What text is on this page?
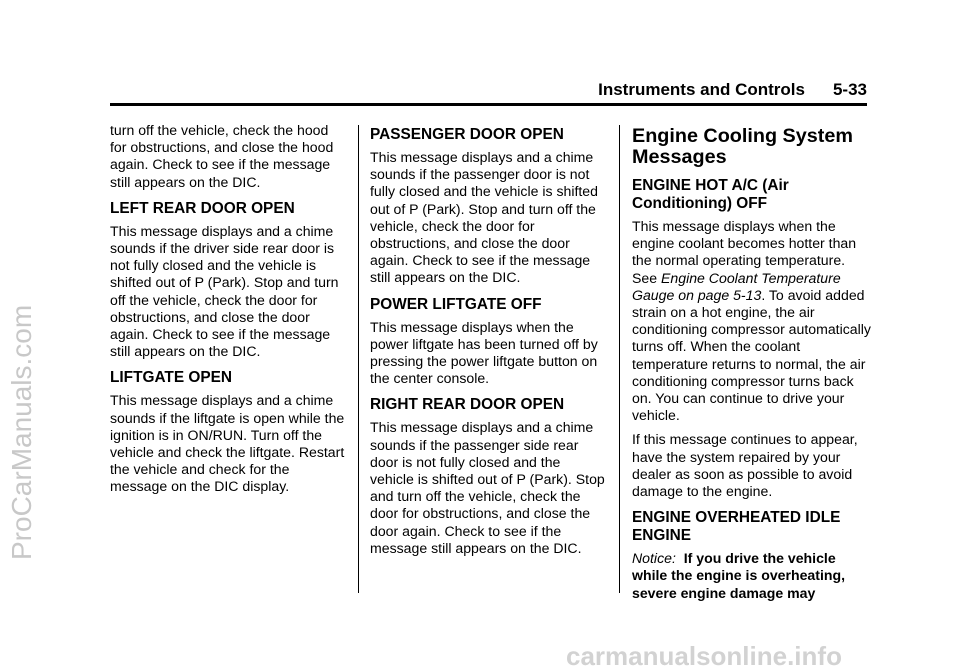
Instruments and Controls 5-33

turn off the vehicle, check the hood for obstructions, and close the hood again. Check to see if the message still appears on the DIC.

LEFT REAR DOOR OPEN

This message displays and a chime sounds if the driver side rear door is not fully closed and the vehicle is shifted out of P (Park). Stop and turn off the vehicle, check the door for obstructions, and close the door again. Check to see if the message still appears on the DIC.

LIFTGATE OPEN

This message displays and a chime sounds if the liftgate is open while the ignition is in ON/RUN. Turn off the vehicle and check the liftgate. Restart the vehicle and check for the message on the DIC display.

PASSENGER DOOR OPEN

This message displays and a chime sounds if the passenger door is not fully closed and the vehicle is shifted out of P (Park). Stop and turn off the vehicle, check the door for obstructions, and close the door again. Check to see if the message still appears on the DIC.

POWER LIFTGATE OFF

This message displays when the power liftgate has been turned off by pressing the power liftgate button on the center console.

RIGHT REAR DOOR OPEN

This message displays and a chime sounds if the passenger side rear door is not fully closed and the vehicle is shifted out of P (Park). Stop and turn off the vehicle, check the door for obstructions, and close the door again. Check to see if the message still appears on the DIC.

Engine Cooling System Messages
ENGINE HOT A/C (Air Conditioning) OFF

This message displays when the engine coolant becomes hotter than the normal operating temperature. See Engine Coolant Temperature Gauge on page 5-13. To avoid added strain on a hot engine, the air conditioning compressor automatically turns off. When the coolant temperature returns to normal, the air conditioning compressor turns back on. You can continue to drive your vehicle.

If this message continues to appear, have the system repaired by your dealer as soon as possible to avoid damage to the engine.

ENGINE OVERHEATED IDLE ENGINE

Notice: If you drive the vehicle while the engine is overheating, severe engine damage may

ProCarManuals.com
carmanualsonline.info
